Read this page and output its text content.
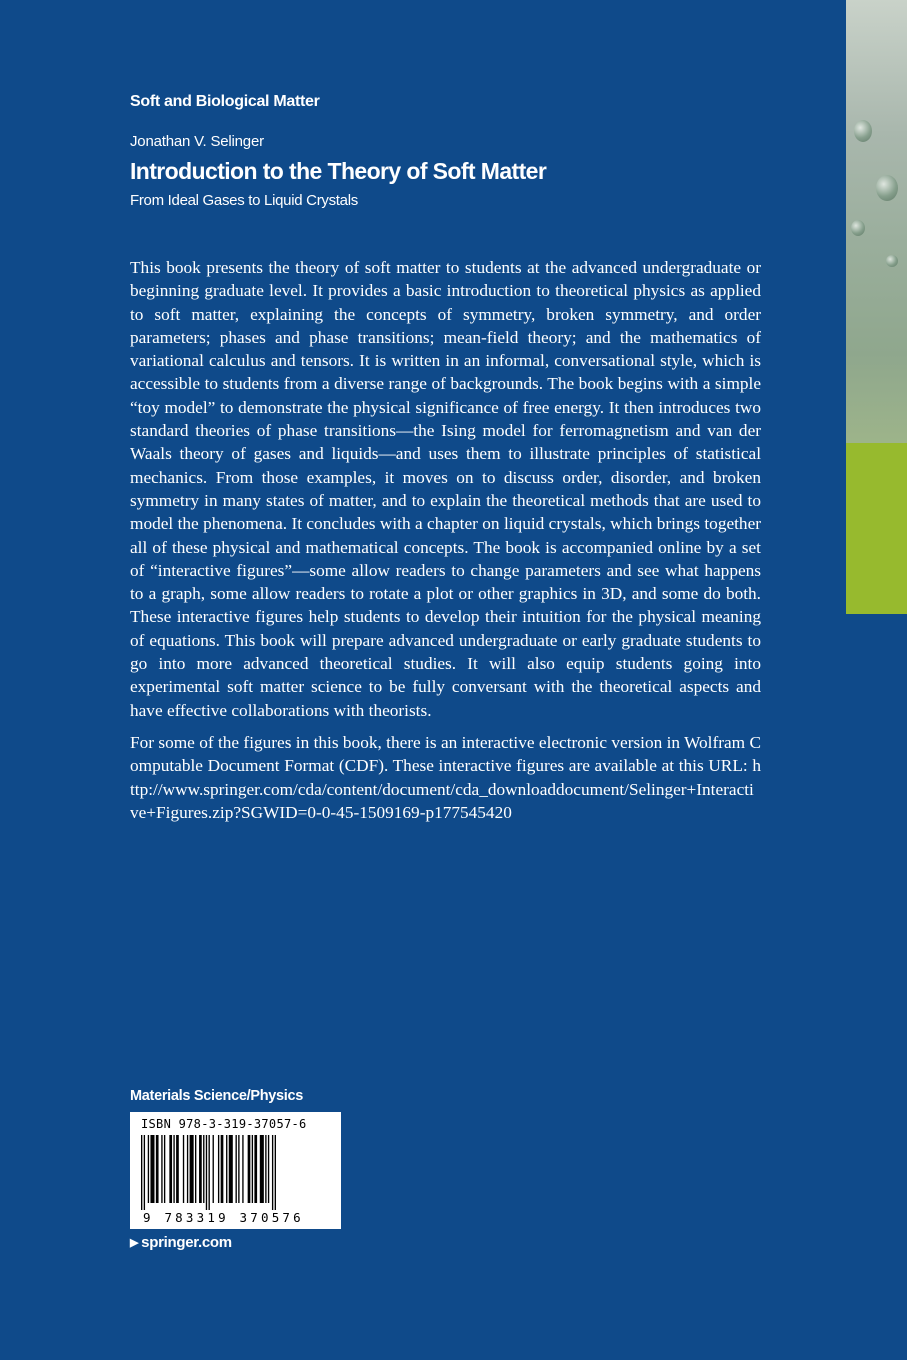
Soft and Biological Matter
Jonathan V. Selinger
Introduction to the Theory of Soft Matter
From Ideal Gases to Liquid Crystals

This book presents the theory of soft matter to students at the advanced undergraduate or beginning graduate level. It provides a basic introduction to theoretical physics as applied to soft matter, explaining the concepts of symmetry, broken symmetry, and order parameters; phases and phase transitions; mean-field theory; and the mathematics of variational calculus and tensors. It is written in an informal, conversational style, which is accessible to students from a diverse range of backgrounds. The book begins with a simple “toy model” to demonstrate the physical significance of free energy. It then introduces two standard theories of phase transitions—the Ising model for ferromagnetism and van der Waals theory of gases and liquids—and uses them to illustrate principles of statistical mechanics. From those examples, it moves on to discuss order, disorder, and broken symmetry in many states of matter, and to explain the theoretical methods that are used to model the phenomena. It concludes with a chapter on liquid crystals, which brings together all of these physical and mathematical concepts. The book is accompanied online by a set of “interactive figures”—some allow readers to change parameters and see what happens to a graph, some allow readers to rotate a plot or other graphics in 3D, and some do both. These interactive figures help students to develop their intuition for the physical meaning of equations. This book will prepare advanced undergraduate or early graduate students to go into more advanced theoretical studies. It will also equip students going into experimental soft matter science to be fully conversant with the theoretical aspects and have effective collaborations with theorists.

For some of the figures in this book, there is an interactive electronic version in Wolfram Computable Document Format (CDF). These interactive figures are available at this URL: http://www.springer.com/cda/content/document/cda_downloaddocument/Selinger+Interactive+Figures.zip?SGWID=0-0-45-1509169-p177545420

Materials Science/Physics
ISBN 978-3-319-37057-6
9 783319 370576
▶ springer.com
